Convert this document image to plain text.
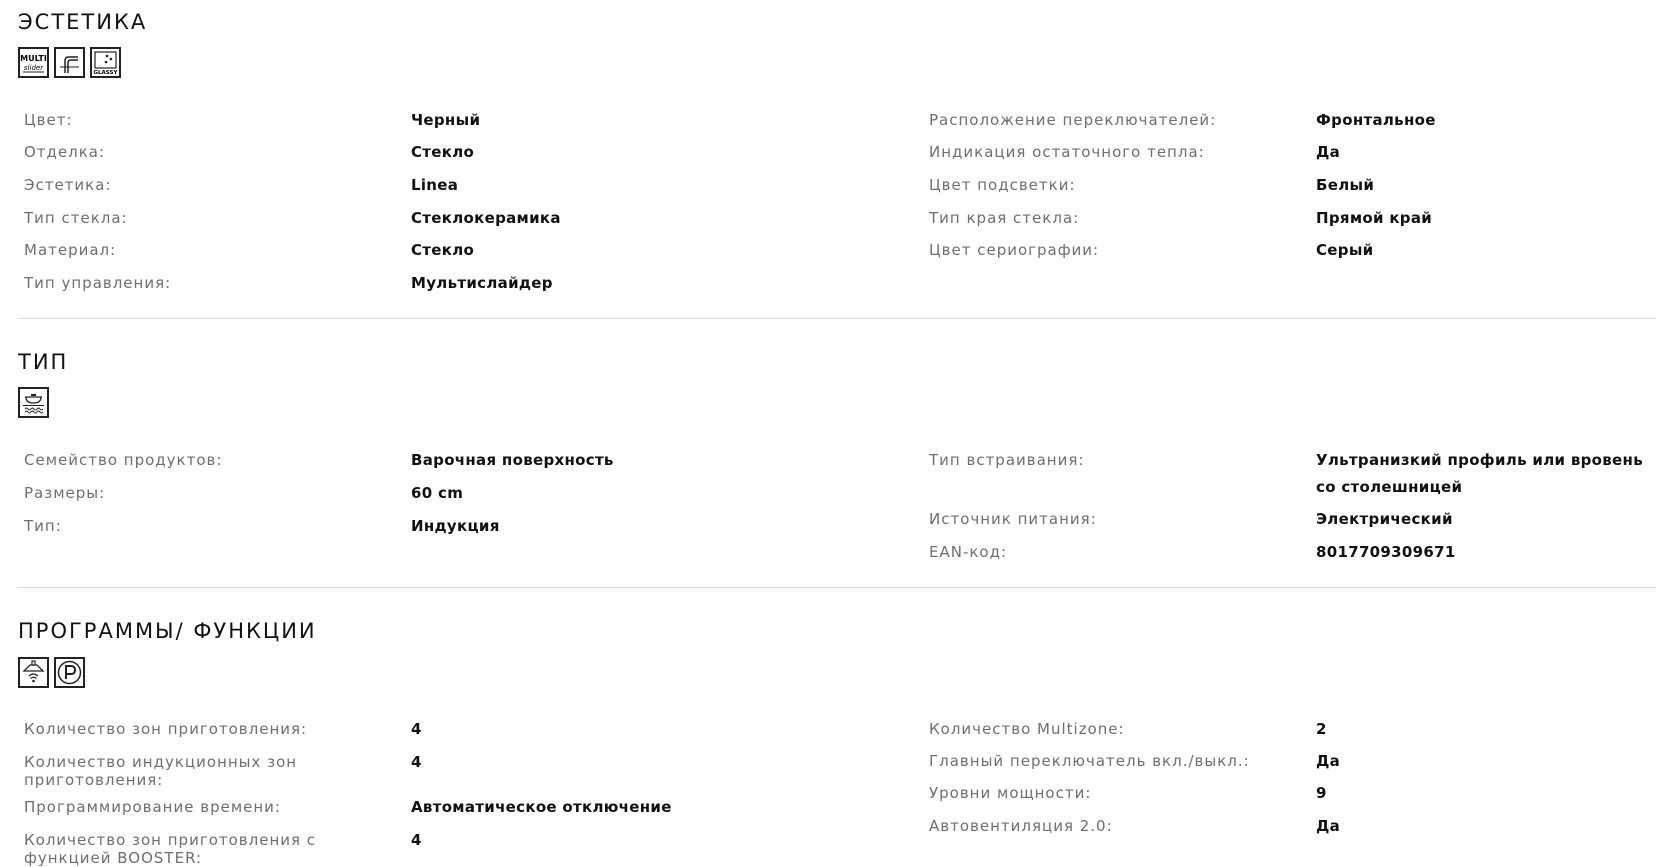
ЭСТЕТИКА
MULTI
slider
GLASSY
Цвет:	Черный
Отделка:	Стекло
Эстетика:	Linea
Тип стекла:	Стеклокерамика
Материал:	Стекло
Тип управления:	Мультислайдер
Расположение переключателей:	Фронтальное
Индикация остаточного тепла:	Да
Цвет подсветки:	Белый
Тип края стекла:	Прямой край
Цвет сериографии:	Серый
ТИП
Семейство продуктов:	Варочная поверхность
Размеры:	60 cm
Тип:	Индукция
Тип встраивания:	Ультранизкий профиль или вровень со столешницей
Источник питания:	Электрический
EAN-код:	8017709309671
ПРОГРАММЫ/ ФУНКЦИИ
Количество зон приготовления:	4
Количество индукционных зон приготовления:
4
Программирование времени:	Автоматическое отключение
Количество зон приготовления с функцией BOOSTER:
4
Количество Multizone:	2
Главный переключатель вкл./выкл.:	Да
Уровни мощности:	9
Автовентиляция 2.0:	Да
